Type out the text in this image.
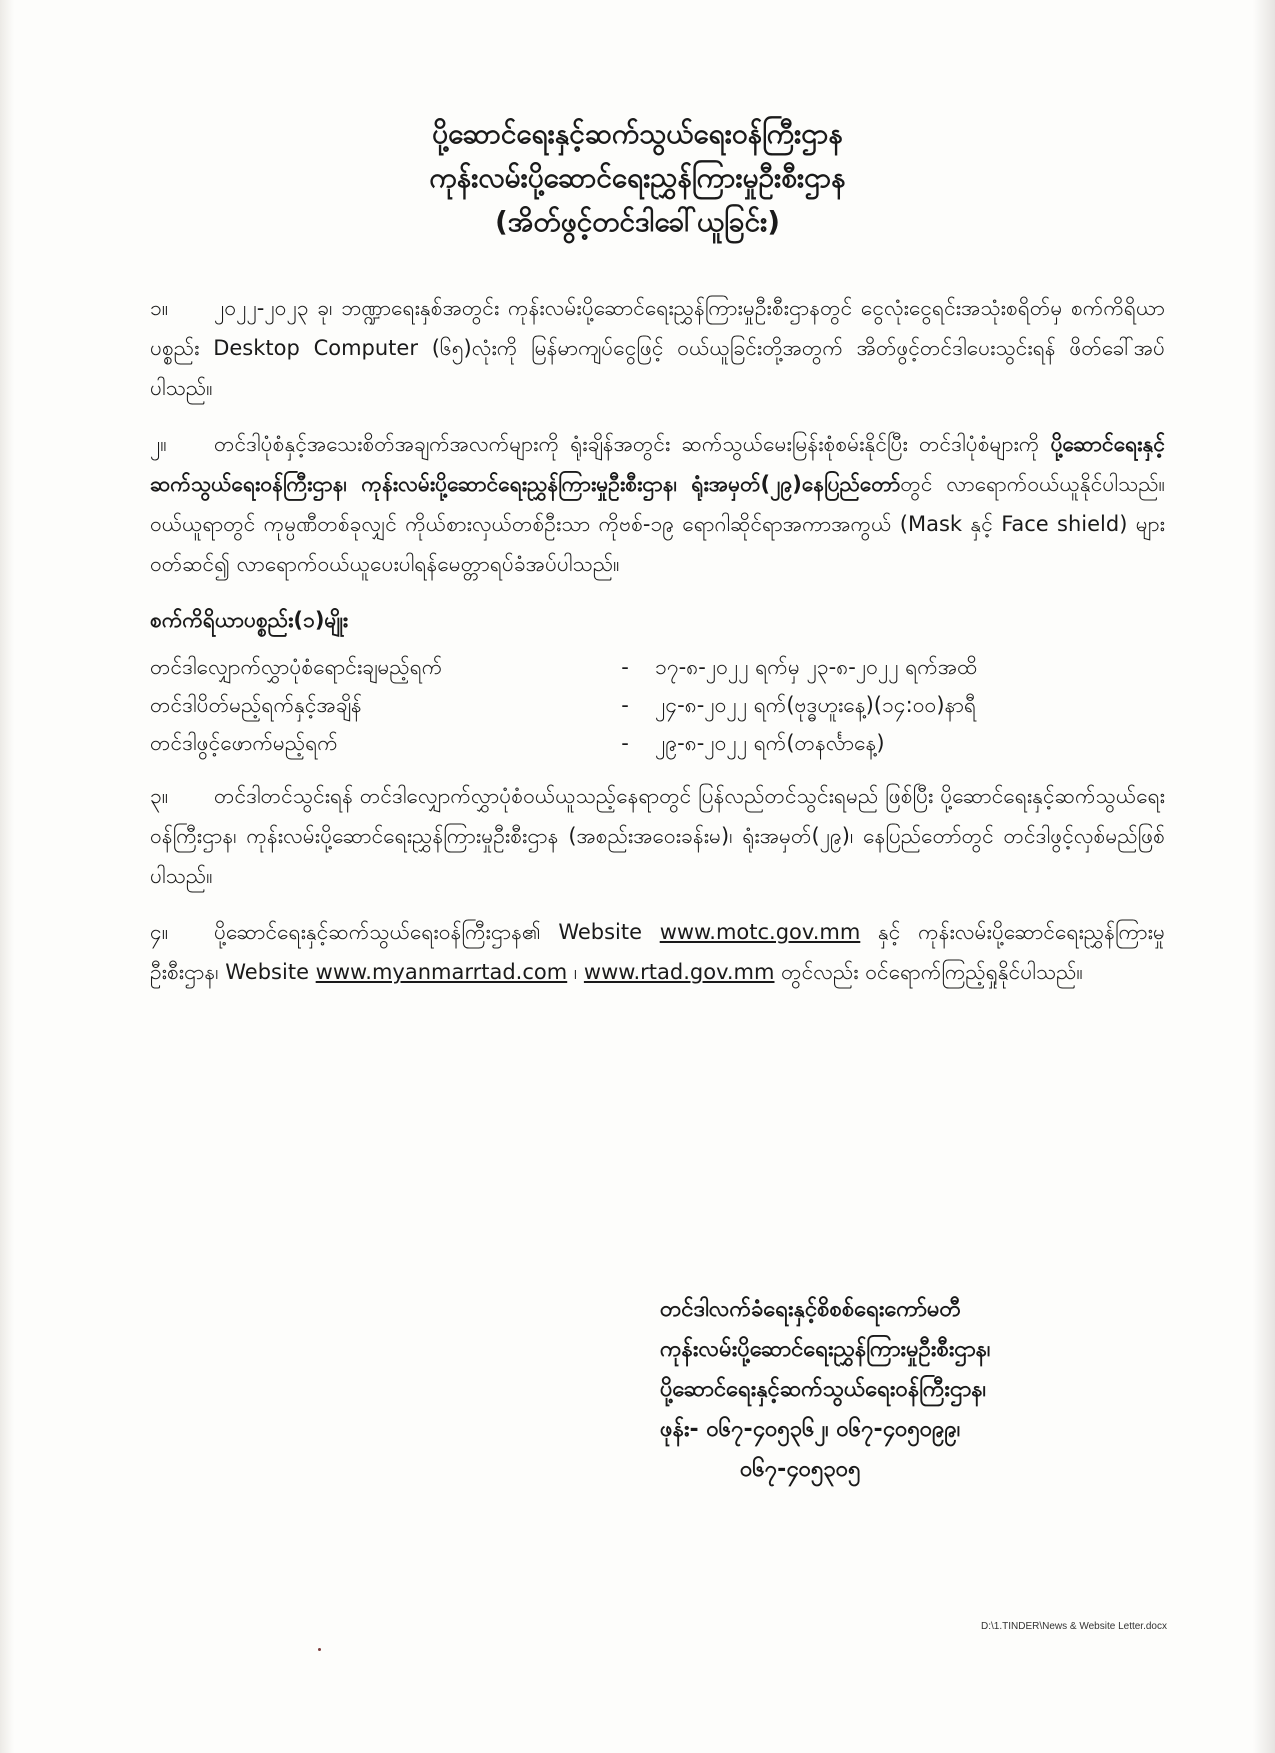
ပို့ဆောင်ရေးနှင့်ဆက်သွယ်ရေးဝန်ကြီးဌာန
ကုန်းလမ်းပို့ဆောင်ရေးညွှန်ကြားမှုဦးစီးဌာန
(အိတ်ဖွင့်တင်ဒါခေါ်ယူခြင်း)

၁။ ၂၀၂၂-၂၀၂၃ ခု၊ ဘဏ္ဍာရေးနှစ်အတွင်း ကုန်းလမ်းပို့ဆောင်ရေးညွှန်ကြားမှုဦးစီးဌာနတွင် ငွေလုံးငွေရင်းအသုံးစရိတ်မှ စက်ကိရိယာပစ္စည်း Desktop Computer (၆၅)လုံးကို မြန်မာကျပ်ငွေဖြင့် ဝယ်ယူခြင်းတို့အတွက် အိတ်ဖွင့်တင်ဒါပေးသွင်းရန် ဖိတ်ခေါ်အပ်ပါသည်။

၂။ တင်ဒါပုံစံနှင့်အသေးစိတ်အချက်အလက်များကို ရုံးချိန်အတွင်း ဆက်သွယ်မေးမြန်းစုံစမ်းနိုင်ပြီး တင်ဒါပုံစံများကို ပို့ဆောင်ရေးနှင့်ဆက်သွယ်ရေးဝန်ကြီးဌာန၊ ကုန်းလမ်းပို့ဆောင်ရေးညွှန်ကြားမှုဦးစီးဌာန၊ ရုံးအမှတ်(၂၉)နေပြည်တော်တွင် လာရောက်ဝယ်ယူနိုင်ပါသည်။ ဝယ်ယူရာတွင် ကုမ္ပဏီတစ်ခုလျှင် ကိုယ်စားလှယ်တစ်ဦးသာ ကိုဗစ်-၁၉ ရောဂါဆိုင်ရာအကာအကွယ် (Mask နှင့် Face shield) များဝတ်ဆင်၍ လာရောက်ဝယ်ယူပေးပါရန်မေတ္တာရပ်ခံအပ်ပါသည်။

စက်ကိရိယာပစ္စည်း(၁)မျိုး
တင်ဒါလျှောက်လွှာပုံစံရောင်းချမည့်ရက်	-	၁၇-၈-၂၀၂၂ ရက်မှ ၂၃-၈-၂၀၂၂ ရက်အထိ
တင်ဒါပိတ်မည့်ရက်နှင့်အချိန်	-	၂၄-၈-၂၀၂၂ ရက်(ဗုဒ္ဓဟူးနေ့)(၁၄:၀၀)နာရီ
တင်ဒါဖွင့်ဖောက်မည့်ရက်	-	၂၉-၈-၂၀၂၂ ရက်(တနင်္လာနေ့)

၃။ တင်ဒါတင်သွင်းရန် တင်ဒါလျှောက်လွှာပုံစံဝယ်ယူသည့်နေရာတွင် ပြန်လည်တင်သွင်းရမည် ဖြစ်ပြီး ပို့ဆောင်ရေးနှင့်ဆက်သွယ်ရေးဝန်ကြီးဌာန၊ ကုန်းလမ်းပို့ဆောင်ရေးညွှန်ကြားမှုဦးစီးဌာန (အစည်းအဝေးခန်းမ)၊ ရုံးအမှတ်(၂၉)၊ နေပြည်တော်တွင် တင်ဒါဖွင့်လှစ်မည်ဖြစ်ပါသည်။

၄။ ပို့ဆောင်ရေးနှင့်ဆက်သွယ်ရေးဝန်ကြီးဌာန၏ Website www.motc.gov.mm နှင့် ကုန်းလမ်းပို့ဆောင်ရေးညွှန်ကြားမှုဦးစီးဌာန၊ Website www.myanmarrtad.com ၊ www.rtad.gov.mm တွင်လည်း ဝင်ရောက်ကြည့်ရှုနိုင်ပါသည်။

တင်ဒါလက်ခံရေးနှင့်စိစစ်ရေးကော်မတီ
ကုန်းလမ်းပို့ဆောင်ရေးညွှန်ကြားမှုဦးစီးဌာန၊
ပို့ဆောင်ရေးနှင့်ဆက်သွယ်ရေးဝန်ကြီးဌာန၊
ဖုန်း- ၀၆၇-၄၀၅၃၆၂၊ ၀၆၇-၄၀၅၀၉၉၊
၀၆၇-၄၀၅၃၀၅
D:\1.TINDER\News & Website Letter.docx
